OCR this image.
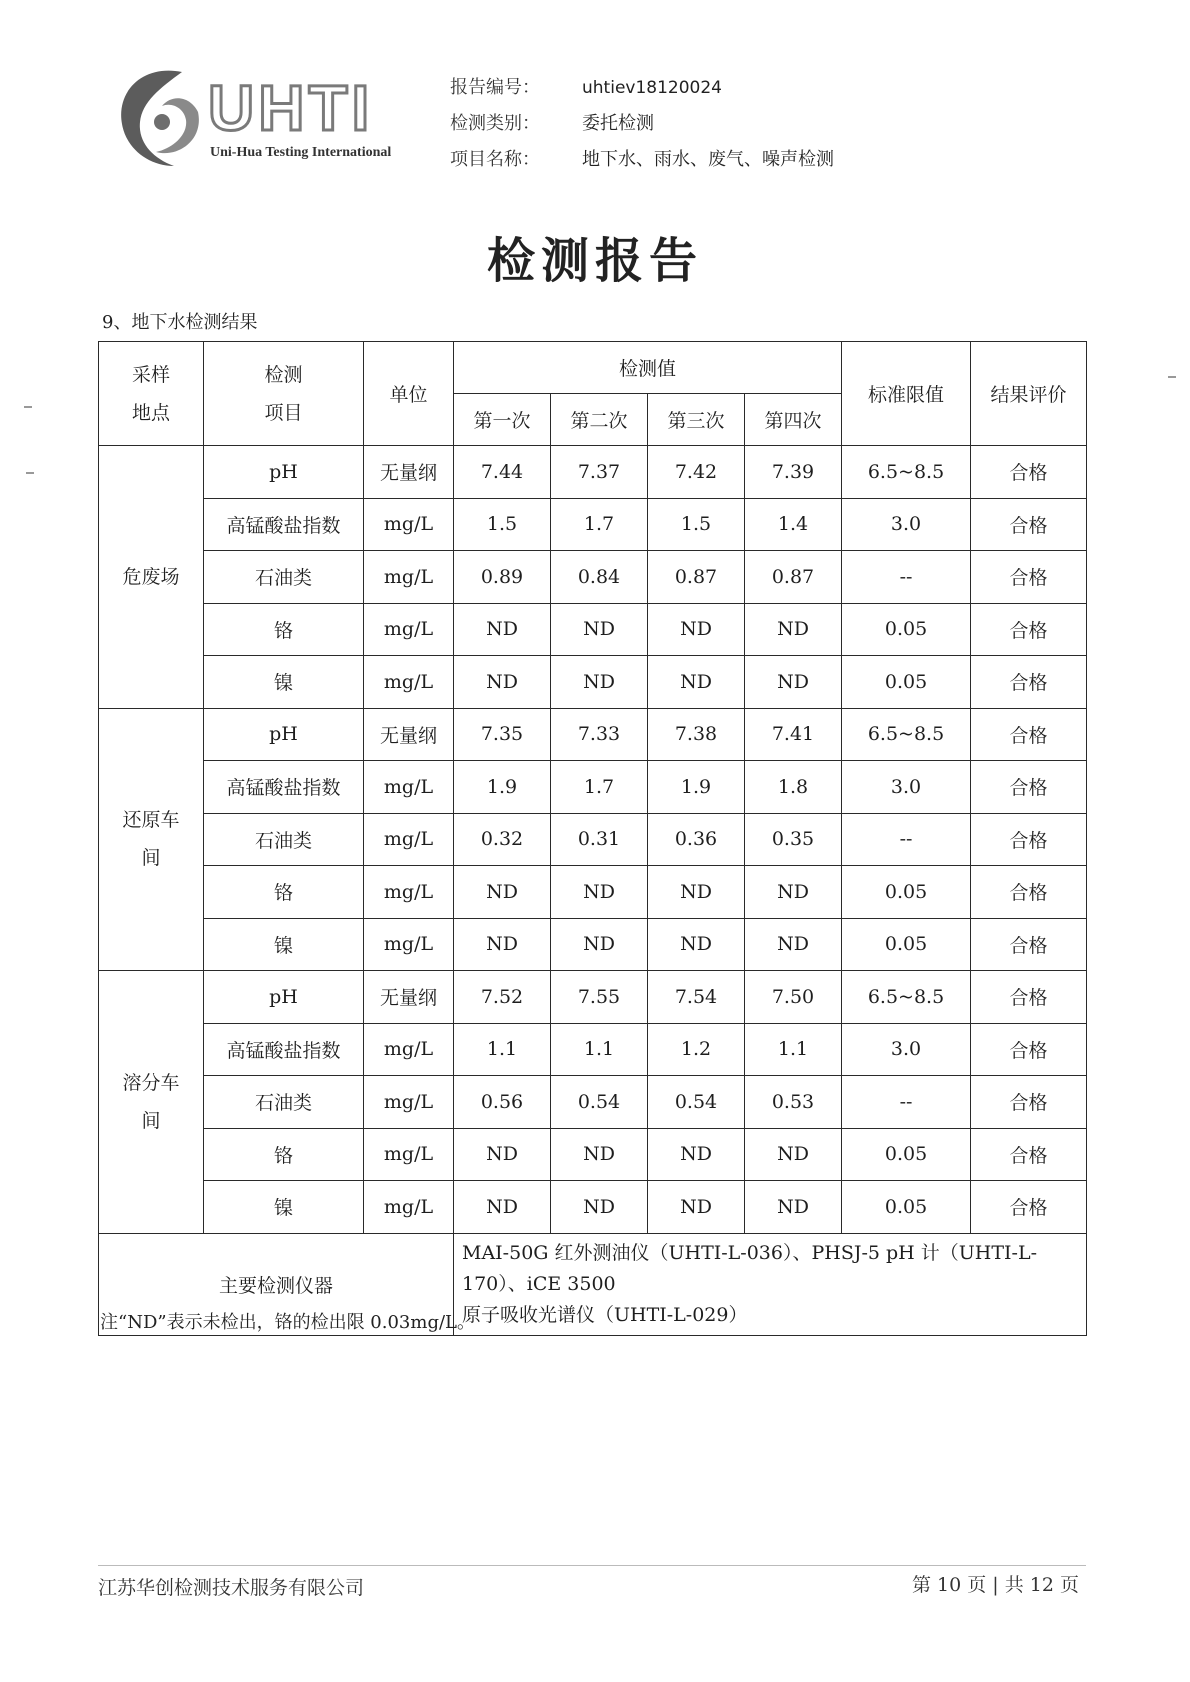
UHTI
Uni-Hua Testing International
报告编号：	uhtiev18120024
检测类别：	委托检测
项目名称：	地下水、雨水、废气、噪声检测
检测报告
9、地下水检测结果
采样
地点	检测
项目	单位	检测值				标准限值	结果评价
			第一次	第二次	第三次	第四次		
危废场	pH	无量纲	7.44	7.37	7.42	7.39	6.5~8.5	合格
	高锰酸盐指数	mg/L	1.5	1.7	1.5	1.4	3.0	合格
	石油类	mg/L	0.89	0.84	0.87	0.87	--	合格
	铬	mg/L	ND	ND	ND	ND	0.05	合格
	镍	mg/L	ND	ND	ND	ND	0.05	合格
还原车
间	pH	无量纲	7.35	7.33	7.38	7.41	6.5~8.5	合格
	高锰酸盐指数	mg/L	1.9	1.7	1.9	1.8	3.0	合格
	石油类	mg/L	0.32	0.31	0.36	0.35	--	合格
	铬	mg/L	ND	ND	ND	ND	0.05	合格
	镍	mg/L	ND	ND	ND	ND	0.05	合格
溶分车
间	pH	无量纲	7.52	7.55	7.54	7.50	6.5~8.5	合格
	高锰酸盐指数	mg/L	1.1	1.1	1.2	1.1	3.0	合格
	石油类	mg/L	0.56	0.54	0.54	0.53	--	合格
	铬	mg/L	ND	ND	ND	ND	0.05	合格
	镍	mg/L	ND	ND	ND	ND	0.05	合格
主要检测仪器			MAI-50G 红外测油仪（UHTI-L-036）、PHSJ-5 pH 计（UHTI-L-170）、iCE 3500
原子吸收光谱仪（UHTI-L-029）					
注“ND”表示未检出，铬的检出限 0.03mg/L。
江苏华创检测技术服务有限公司	第 10 页 | 共 12 页
